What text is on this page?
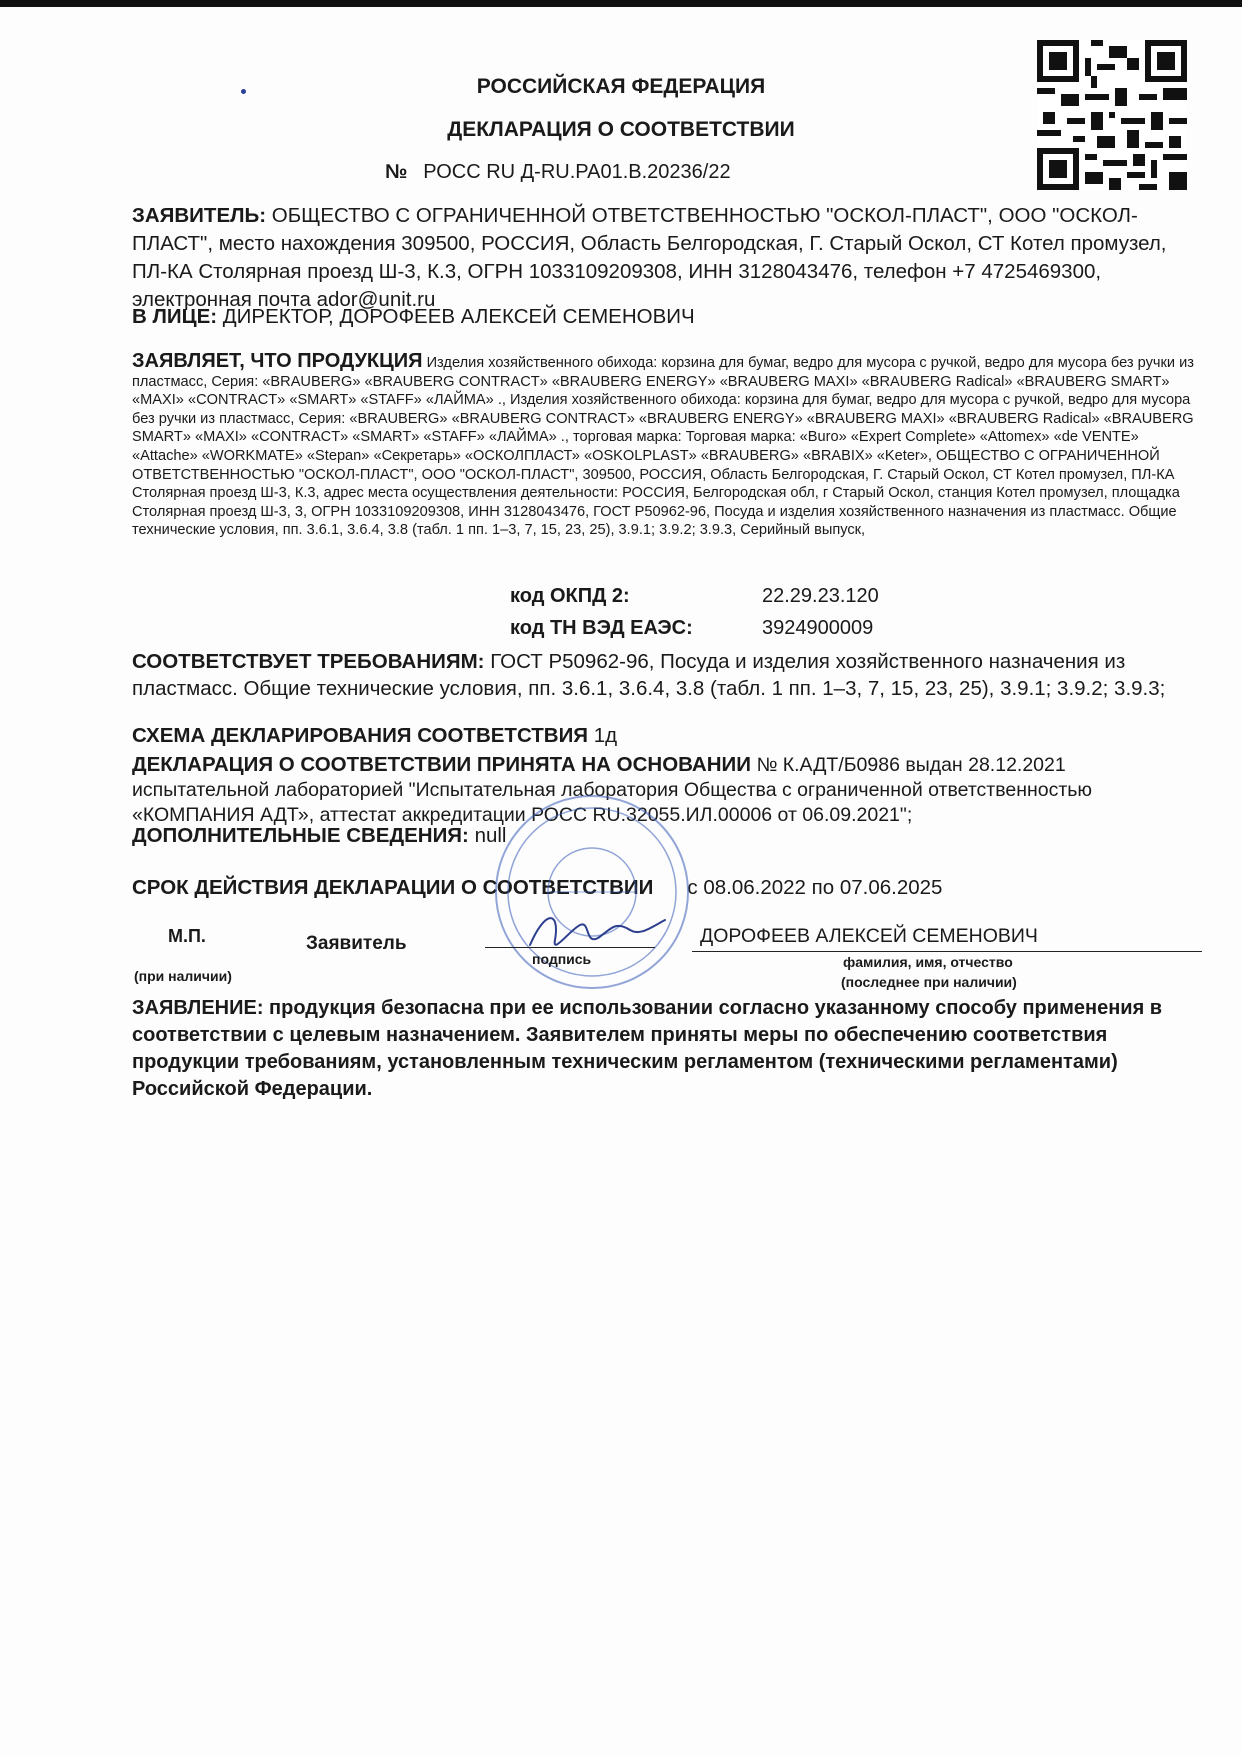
РОССИЙСКАЯ ФЕДЕРАЦИЯ
ДЕКЛАРАЦИЯ О СООТВЕТСТВИИ
№ РОСС RU Д-RU.PA01.B.20236/22
ЗАЯВИТЕЛЬ: ОБЩЕСТВО С ОГРАНИЧЕННОЙ ОТВЕТСТВЕННОСТЬЮ "ОСКОЛ-ПЛАСТ", ООО "ОСКОЛ-ПЛАСТ", место нахождения 309500, РОССИЯ, Область Белгородская, Г. Старый Оскол, СТ Котел промузел, ПЛ-КА Столярная проезд Ш-3, К.3, ОГРН 1033109209308, ИНН 3128043476, телефон +7 4725469300, электронная почта ador@unit.ru
В ЛИЦЕ: ДИРЕКТОР, ДОРОФЕЕВ АЛЕКСЕЙ СЕМЕНОВИЧ
ЗАЯВЛЯЕТ, ЧТО ПРОДУКЦИЯ Изделия хозяйственного обихода: корзина для бумаг, ведро для мусора с ручкой, ведро для мусора без ручки из пластмасс, Серия: «BRAUBERG» «BRAUBERG CONTRACT» «BRAUBERG ENERGY» «BRAUBERG MAXI» «BRAUBERG Radical» «BRAUBERG SMART» «MAXI» «CONTRACT» «SMART» «STAFF» «ЛАЙМА» ., Изделия хозяйственного обихода: корзина для бумаг, ведро для мусора с ручкой, ведро для мусора без ручки из пластмасс, Серия: «BRAUBERG» «BRAUBERG CONTRACT» «BRAUBERG ENERGY» «BRAUBERG MAXI» «BRAUBERG Radical» «BRAUBERG SMART» «MAXI» «CONTRACT» «SMART» «STAFF» «ЛАЙМА» ., торговая марка: Торговая марка: «Buro» «Expert Complete» «Attomex» «de VENTE» «Attache» «WORKMATE» «Stepan» «Секретарь» «ОСКОЛПЛАСТ» «OSKOLPLAST» «BRAUBERG» «BRABIX» «Keter», ОБЩЕСТВО С ОГРАНИЧЕННОЙ ОТВЕТСТВЕННОСТЬЮ "ОСКОЛ-ПЛАСТ", ООО "ОСКОЛ-ПЛАСТ", 309500, РОССИЯ, Область Белгородская, Г. Старый Оскол, СТ Котел промузел, ПЛ-КА Столярная проезд Ш-3, К.3, адрес места осуществления деятельности: РОССИЯ, Белгородская обл, г Старый Оскол, станция Котел промузел, площадка Столярная проезд Ш-3, 3, ОГРН 1033109209308, ИНН 3128043476, ГОСТ Р50962-96, Посуда и изделия хозяйственного назначения из пластмасс. Общие технические условия, пп. 3.6.1, 3.6.4, 3.8 (табл. 1 пп. 1–3, 7, 15, 23, 25), 3.9.1; 3.9.2; 3.9.3, Серийный выпуск,
код ОКПД 2:	22.29.23.120
код ТН ВЭД ЕАЭС:	3924900009
СООТВЕТСТВУЕТ ТРЕБОВАНИЯМ: ГОСТ Р50962-96, Посуда и изделия хозяйственного назначения из пластмасс. Общие технические условия, пп. 3.6.1, 3.6.4, 3.8 (табл. 1 пп. 1–3, 7, 15, 23, 25), 3.9.1; 3.9.2; 3.9.3;
СХЕМА ДЕКЛАРИРОВАНИЯ СООТВЕТСТВИЯ 1д
ДЕКЛАРАЦИЯ О СООТВЕТСТВИИ ПРИНЯТА НА ОСНОВАНИИ № К.АДТ/Б0986 выдан 28.12.2021 испытательной лабораторией "Испытательная лаборатория Общества с ограниченной ответственностью «КОМПАНИЯ АДТ», аттестат аккредитации РОСС RU.32055.ИЛ.00006 от 06.09.2021";
ДОПОЛНИТЕЛЬНЫЕ СВЕДЕНИЯ: null
СРОК ДЕЙСТВИЯ ДЕКЛАРАЦИИ О СООТВЕТСТВИИ с 08.06.2022 по 07.06.2025
М.П.
(при наличии)
Заявитель
подпись
ДОРОФЕЕВ АЛЕКСЕЙ СЕМЕНОВИЧ
фамилия, имя, отчество
(последнее при наличии)
ЗАЯВЛЕНИЕ: продукция безопасна при ее использовании согласно указанному способу применения в соответствии с целевым назначением. Заявителем приняты меры по обеспечению соответствия продукции требованиям, установленным техническим регламентом (техническими регламентами) Российской Федерации.
